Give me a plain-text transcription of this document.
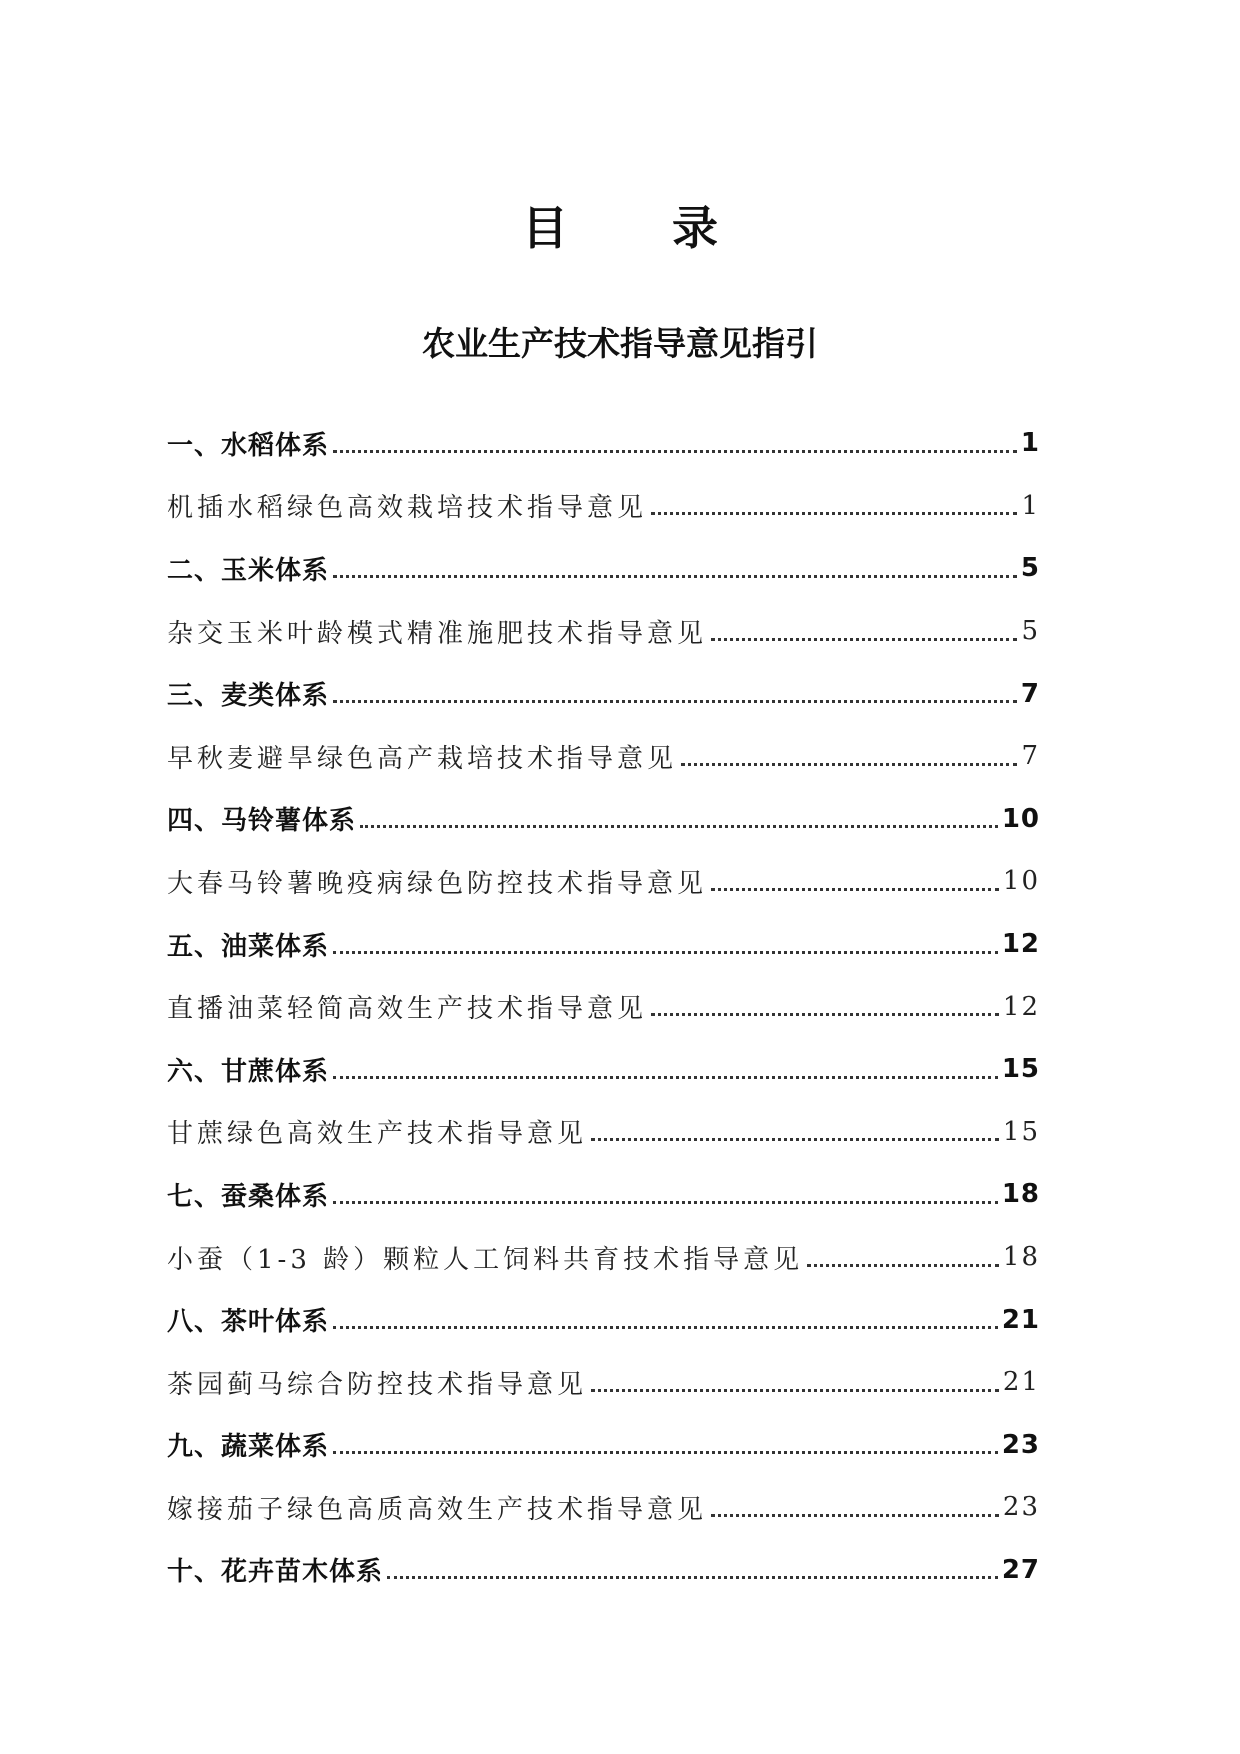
目 录
农业生产技术指导意见指引
一、水稻体系	1
机插水稻绿色高效栽培技术指导意见	1
二、玉米体系	5
杂交玉米叶龄模式精准施肥技术指导意见	5
三、麦类体系	7
早秋麦避旱绿色高产栽培技术指导意见	7
四、马铃薯体系	10
大春马铃薯晚疫病绿色防控技术指导意见	10
五、油菜体系	12
直播油菜轻简高效生产技术指导意见	12
六、甘蔗体系	15
甘蔗绿色高效生产技术指导意见	15
七、蚕桑体系	18
小蚕（1-3 龄）颗粒人工饲料共育技术指导意见	18
八、茶叶体系	21
茶园蓟马综合防控技术指导意见	21
九、蔬菜体系	23
嫁接茄子绿色高质高效生产技术指导意见	23
十、花卉苗木体系	27
